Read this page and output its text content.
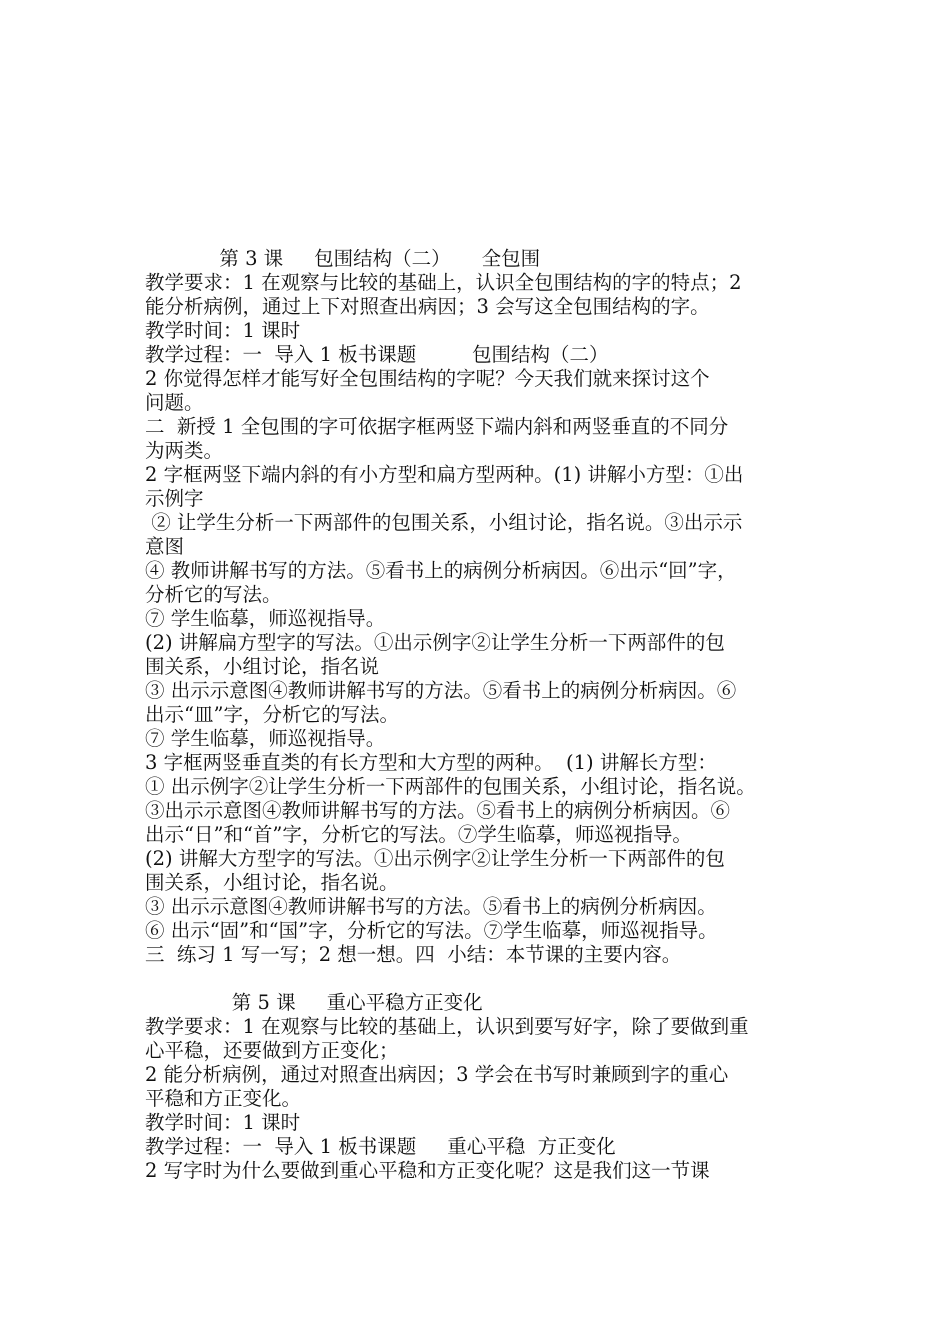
第 3 课     包围结构（二）     全包围
教学要求：1 在观察与比较的基础上，认识全包围结构的字的特点；2
能分析病例，通过上下对照查出病因；3 会写这全包围结构的字。
教学时间：1 课时
教学过程：一  导入 1 板书课题         包围结构（二）
2 你觉得怎样才能写好全包围结构的字呢？今天我们就来探讨这个
问题。
二  新授 1 全包围的字可依据字框两竖下端内斜和两竖垂直的不同分
为两类。
2 字框两竖下端内斜的有小方型和扁方型两种。(1) 讲解小方型：①出
示例字
② 让学生分析一下两部件的包围关系，小组讨论，指名说。③出示示
意图
④ 教师讲解书写的方法。⑤看书上的病例分析病因。⑥出示“回”字，
分析它的写法。
⑦ 学生临摹，师巡视指导。
(2) 讲解扁方型字的写法。①出示例字②让学生分析一下两部件的包
围关系，小组讨论，指名说
③ 出示示意图④教师讲解书写的方法。⑤看书上的病例分析病因。⑥
出示“皿”字，分析它的写法。
⑦ 学生临摹，师巡视指导。
3 字框两竖垂直类的有长方型和大方型的两种。  (1) 讲解长方型：
① 出示例字②让学生分析一下两部件的包围关系，小组讨论，指名说。
③出示示意图④教师讲解书写的方法。⑤看书上的病例分析病因。⑥
出示“日”和“首”字，分析它的写法。⑦学生临摹，师巡视指导。
(2) 讲解大方型字的写法。①出示例字②让学生分析一下两部件的包
围关系，小组讨论，指名说。
③ 出示示意图④教师讲解书写的方法。⑤看书上的病例分析病因。
⑥ 出示“固”和“国”字，分析它的写法。⑦学生临摹，师巡视指导。
三  练习 1 写一写；2 想一想。四  小结：本节课的主要内容。
第 5 课     重心平稳方正变化
教学要求：1 在观察与比较的基础上，认识到要写好字，除了要做到重
心平稳，还要做到方正变化；
2 能分析病例，通过对照查出病因；3 学会在书写时兼顾到字的重心
平稳和方正变化。
教学时间：1 课时
教学过程：一  导入 1 板书课题     重心平稳  方正变化
2 写字时为什么要做到重心平稳和方正变化呢？这是我们这一节课
